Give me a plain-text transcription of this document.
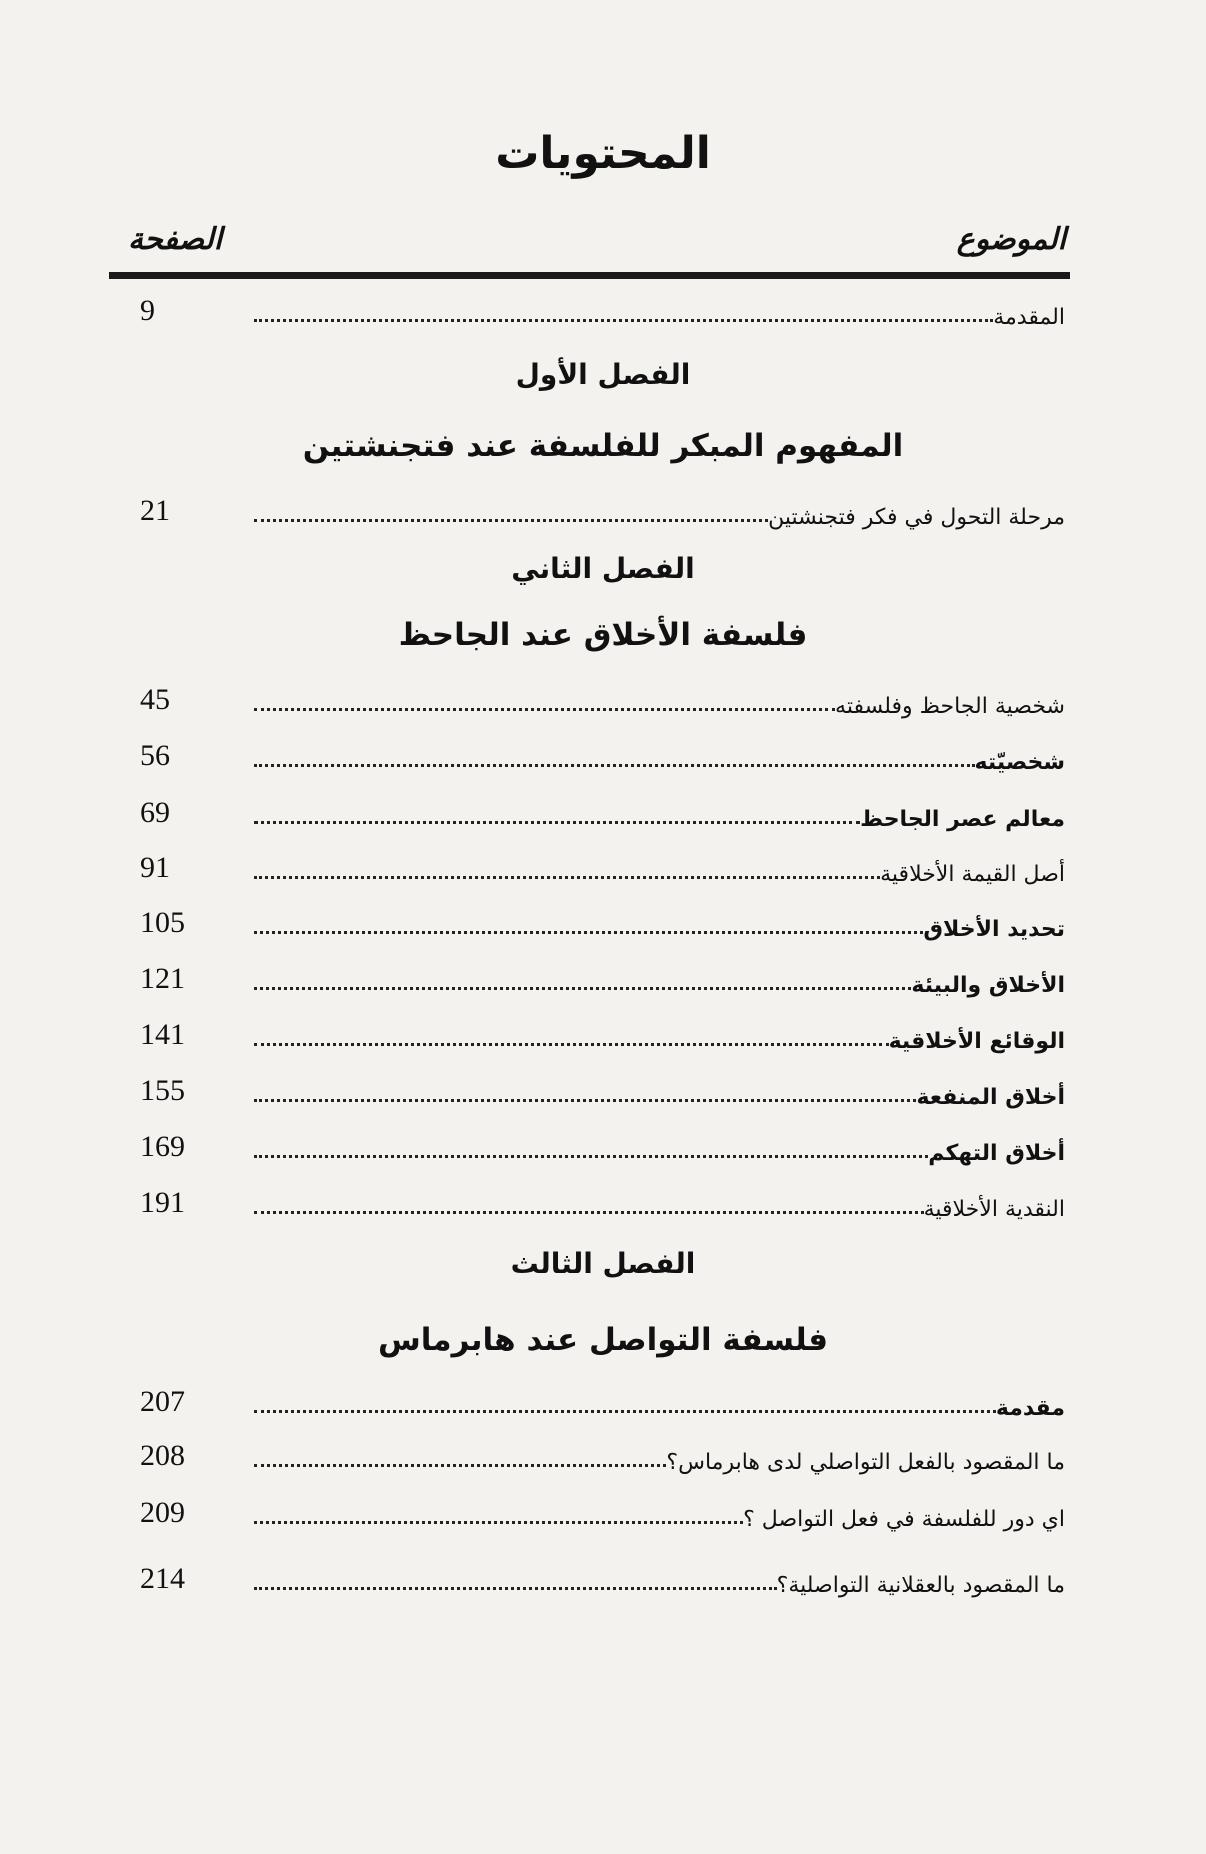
المحتويات
الموضوع
الصفحة
المقدمة
9
الفصل الأول
المفهوم المبكر للفلسفة عند فتجنشتين
مرحلة التحول في فكر فتجنشتين
21
الفصل الثاني
فلسفة الأخلاق عند الجاحظ
شخصية الجاحظ وفلسفته
45
شخصيّته
56
معالم عصر الجاحظ
69
أصل القيمة الأخلاقية
91
تحديد الأخلاق
105
الأخلاق والبيئة
121
الوقائع الأخلاقية
141
أخلاق المنفعة
155
أخلاق التهكم
169
النقدية الأخلاقية
191
الفصل الثالث
فلسفة التواصل عند هابرماس
مقدمة
207
ما المقصود بالفعل التواصلي لدى هابرماس؟
208
اي دور للفلسفة في فعل التواصل ؟
209
ما المقصود بالعقلانية التواصلية؟
214
